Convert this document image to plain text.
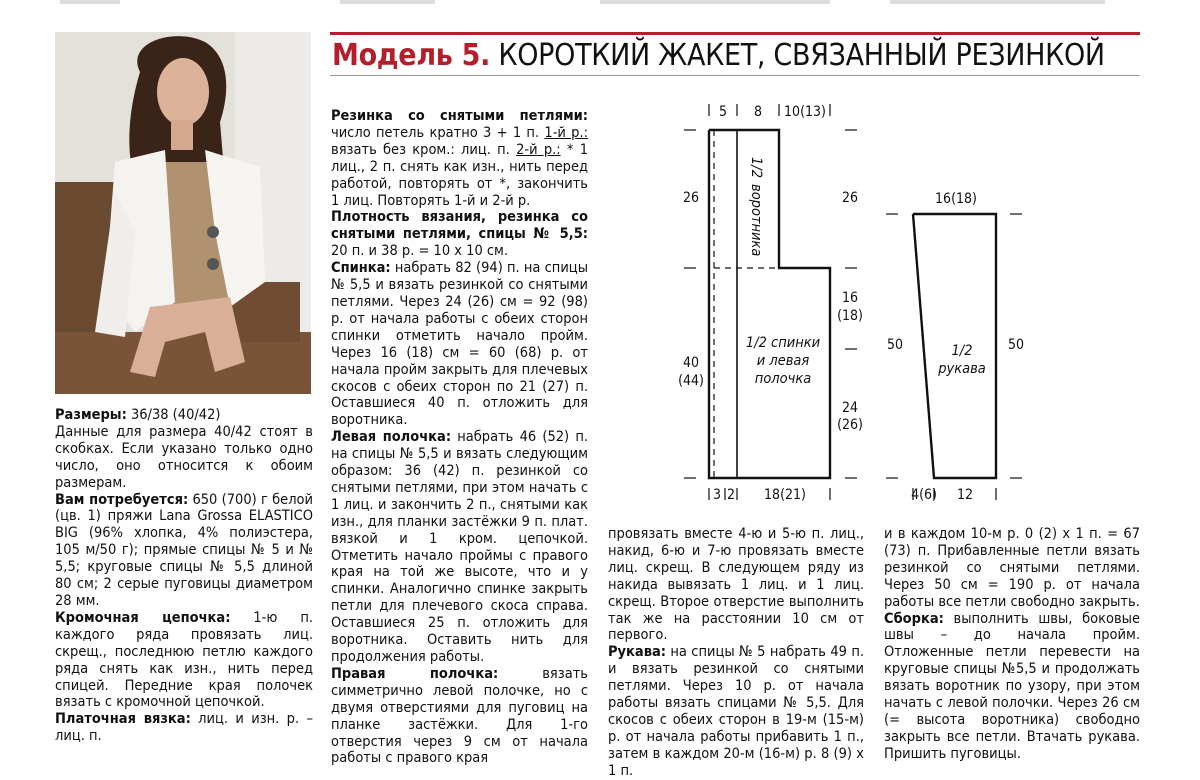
Модель 5. КОРОТКИЙ ЖАКЕТ, СВЯЗАННЫЙ РЕЗИНКОЙ

Размеры: 36/38 (40/42)

Данные для размера 40/42 стоят в скобках. Если указано только одно число, оно относится к обоим размерам.

Вам потребуется: 650 (700) г белой (цв. 1) пряжи Lana Grossa ELASTICO BIG (96% хлопка, 4% полиэстера, 105 м/50 г); прямые спицы № 5 и № 5,5; круговые спицы № 5,5 длиной 80 см; 2 серые пуговицы диаметром 28 мм.

Кромочная цепочка: 1-ю п. каждого ряда провязать лиц. скрещ., последнюю петлю каждого ряда снять как изн., нить перед спицей. Передние края полочек вязать с кромочной цепочкой.

Платочная вязка: лиц. и изн. р. – лиц. п.

Резинка со снятыми петлями: число петель кратно 3 + 1 п. 1-й р.: вязать без кром.: лиц. п. 2-й р.: * 1 лиц., 2 п. снять как изн., нить перед работой, повторять от *, закончить 1 лиц. Повторять 1-й и 2-й р.

Плотность вязания, резинка со снятыми петлями, спицы № 5,5: 20 п. и 38 р. = 10 x 10 см.

Спинка: набрать 82 (94) п. на спицы № 5,5 и вязать резинкой со снятыми петлями. Через 24 (26) см = 92 (98) р. от начала работы с обеих сторон спинки отметить начало пройм. Через 16 (18) см = 60 (68) р. от начала пройм закрыть для плечевых скосов с обеих сторон по 21 (27) п. Оставшиеся 40 п. отложить для воротника.

Левая полочка: набрать 46 (52) п. на спицы № 5,5 и вязать следующим образом: 36 (42) п. резинкой со снятыми петлями, при этом начать с 1 лиц. и закончить 2 п., снятыми как изн., для планки застёжки 9 п. плат. вязкой и 1 кром. цепочкой. Отметить начало проймы с правого края на той же высоте, что и у спинки. Аналогично спинке закрыть петли для плечевого скоса справа. Оставшиеся 25 п. отложить для воротника. Оставить нить для продолжения работы.

Правая полочка: вязать симметрично левой полочке, но с двумя отверстиями для пуговиц на планке застёжки. Для 1-го отверстия через 9 см от начала работы с правого края

провязать вместе 4-ю и 5-ю п. лиц., накид, 6-ю и 7-ю провязать вместе лиц. скрещ. В следующем ряду из накида вывязать 1 лиц. и 1 лиц. скрещ. Второе отверстие выполнить так же на расстоянии 10 см от первого.

Рукава: на спицы № 5 набрать 49 п. и вязать резинкой со снятыми петлями. Через 10 р. от начала работы вязать спицами № 5,5. Для скосов с обеих сторон в 19-м (15-м) р. от начала работы прибавить 1 п., затем в каждом 20-м (16-м) р. 8 (9) x 1 п.

и в каждом 10-м р. 0 (2) x 1 п. = 67 (73) п. Прибавленные петли вязать резинкой со снятыми петлями. Через 50 см = 190 р. от начала работы все петли свободно закрыть.

Сборка: выполнить швы, боковые швы – до начала пройм. Отложенные петли перевести на круговые спицы №5,5 и продолжать вязать воротник по узору, при этом начать с левой полочки. Через 26 см (= высота воротника) свободно закрыть все петли. Втачать рукава. Пришить пуговицы.

5 8 10(13)
26	26
16
(18)
40
(44)
24
(26)
3 2 18(21)
1/2
воротника
1/2 спинки
и левая
полочка
1/2
рукава
16(18)
50	50
4(6) 12
